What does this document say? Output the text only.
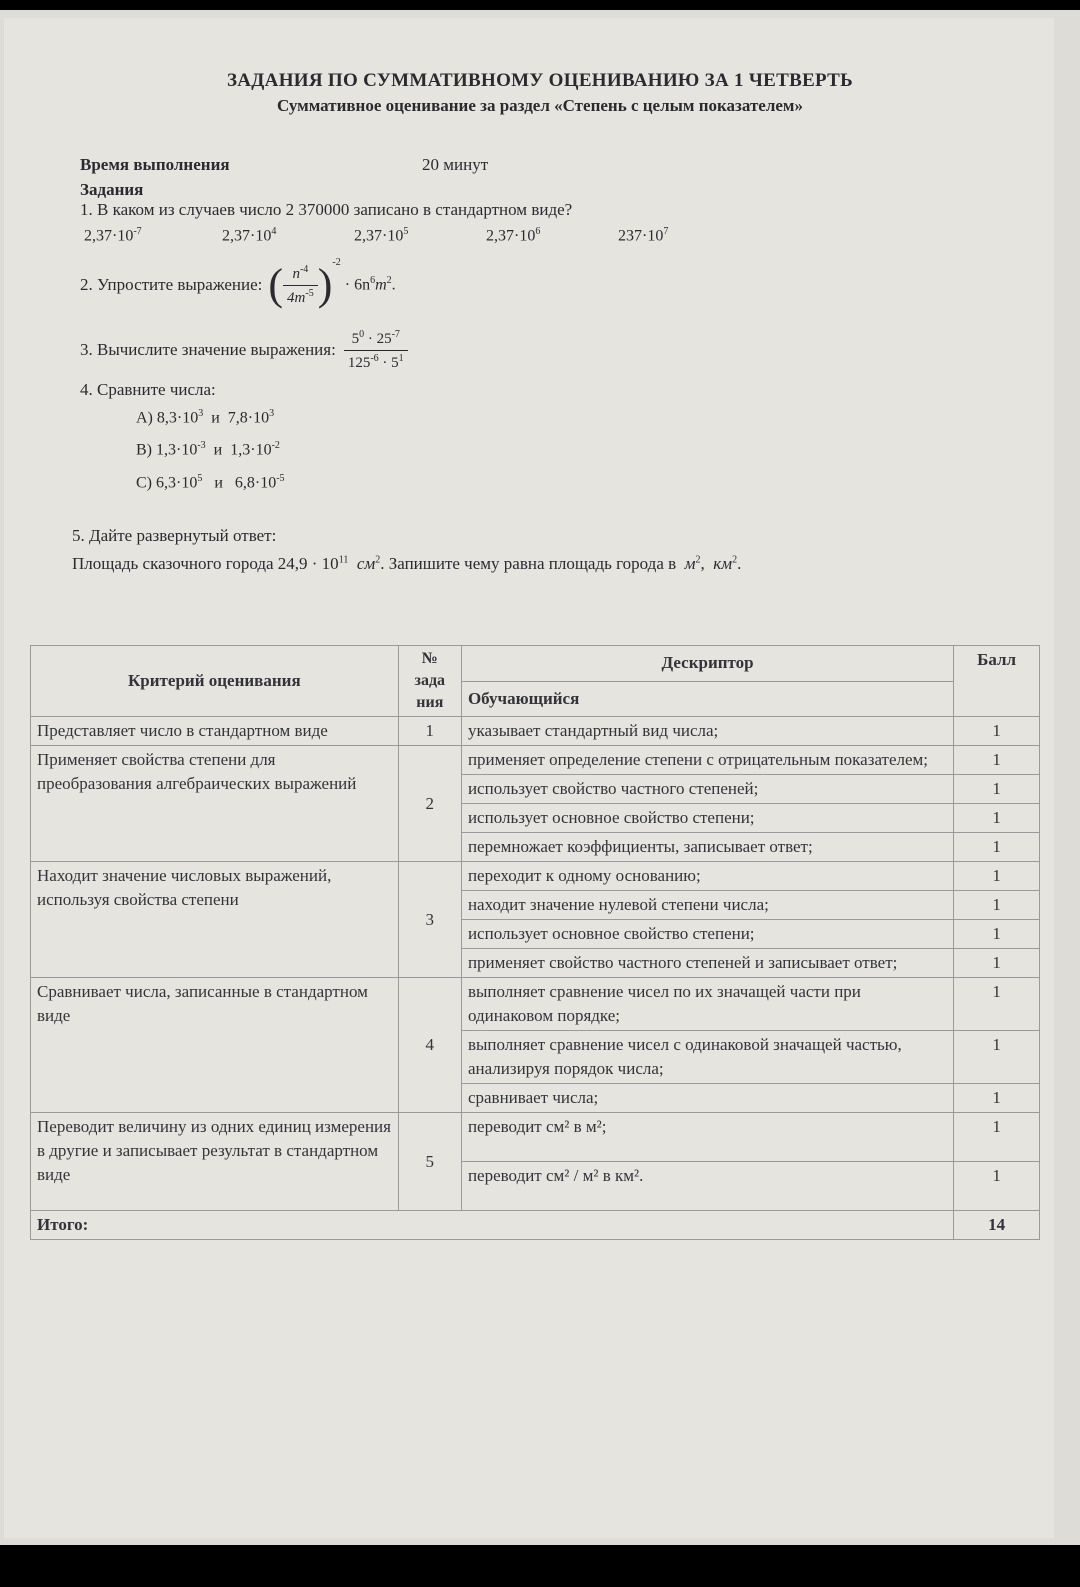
ЗАДАНИЯ ПО СУММАТИВНОМУ ОЦЕНИВАНИЮ ЗА 1 ЧЕТВЕРТЬ
Суммативное оценивание за раздел «Степень с целым показателем»
Время выполнения	20 минут
Задания
1. В каком из случаев число 2 370000 записано в стандартном виде?
$2,37\cdot 10^{-7}$	$2,37\cdot 10^4$	$2,37\cdot 10^5$	$2,37\cdot 10^6$	$237\cdot 10^7$
2. Упростите выражение: ( $\frac{n^{-4}}{4m^{-5}} )^{-2}$
· $6n^6m^2$.
3. Вычислите значение выражения: $\frac{5^0 \cdot 25^{-7}}{125^{-6} \cdot 5^1}$
4. Сравните числа:
A) $8,3\cdot 10^3$ и $7,8\cdot 10^3$
B) $1,3\cdot 10^{-3}$ и $1,3\cdot 10^{-2}$
C) $6,3\cdot 10^5$ и $6,8\cdot 10^{-5}$
5. Дайте развернутый ответ:
Площадь сказочного города $24,9 \cdot 10^{11}$ $см^2$. Запишите чему равна площадь города в $м^2$,  $км^2$.
Критерий оценивания	№ зада ния	Дескриптор	Балл
		Обучающийся	
Представляет число в стандартном виде	1	указывает стандартный вид числа;	1
Применяет свойства степени для преобразования алгебраических выражений	2	применяет определение степени с отрицательным показателем;	1
		использует свойство частного степеней;	1
		использует основное свойство степени;	1
		перемножает коэффициенты, записывает ответ;	1
Находит значение числовых выражений, используя свойства степени	3	переходит к одному основанию;	1
		находит значение нулевой степени числа;	1
		использует основное свойство степени;	1
		применяет свойство частного степеней и записывает ответ;	1
Сравнивает числа, записанные в стандартном виде	4	выполняет сравнение чисел по их значащей части при одинаковом порядке;	1
		выполняет сравнение чисел с одинаковой значащей частью, анализируя порядок числа;	1
		сравнивает числа;	1
Переводит величину из одних единиц измерения в другие и записывает результат в стандартном виде	5	переводит см² в м²;	1
		переводит см² / м² в км².	1
Итого:			14
